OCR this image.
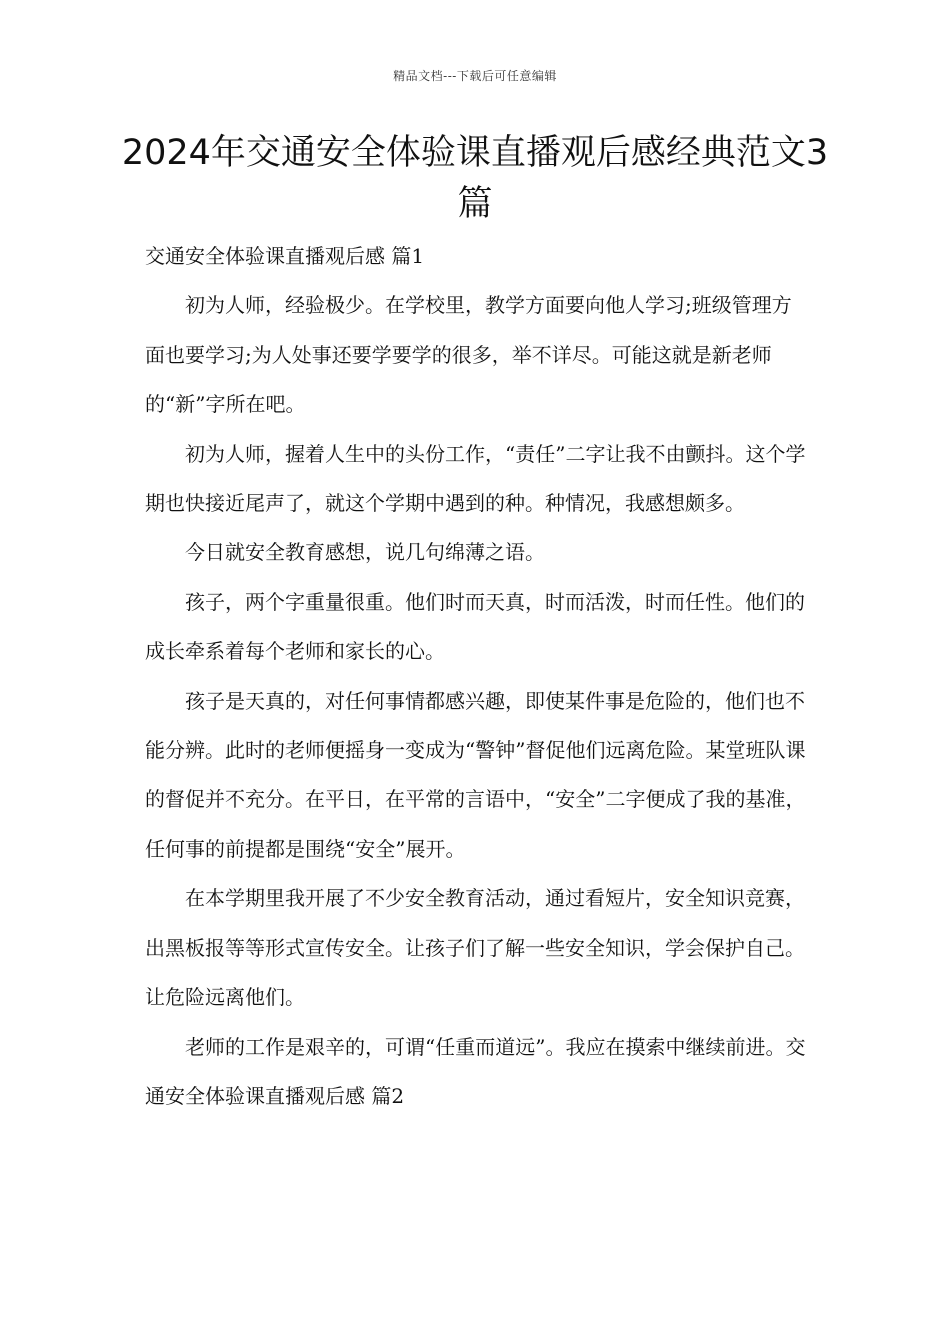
精品文档---下载后可任意编辑
2024年交通安全体验课直播观后感经典范文3篇

交通安全体验课直播观后感 篇1

初为人师，经验极少。在学校里，教学方面要向他人学习;班级管理方面也要学习;为人处事还要学要学的很多，举不详尽。可能这就是新老师的“新”字所在吧。

初为人师，握着人生中的头份工作，“责任”二字让我不由颤抖。这个学期也快接近尾声了，就这个学期中遇到的种。种情况，我感想颇多。

今日就安全教育感想，说几句绵薄之语。

孩子，两个字重量很重。他们时而天真，时而活泼，时而任性。他们的成长牵系着每个老师和家长的心。

孩子是天真的，对任何事情都感兴趣，即使某件事是危险的，他们也不能分辨。此时的老师便摇身一变成为“警钟”督促他们远离危险。某堂班队课的督促并不充分。在平日，在平常的言语中，“安全”二字便成了我的基准，任何事的前提都是围绕“安全”展开。

在本学期里我开展了不少安全教育活动，通过看短片，安全知识竞赛，出黑板报等等形式宣传安全。让孩子们了解一些安全知识，学会保护自己。让危险远离他们。

老师的工作是艰辛的，可谓“任重而道远”。我应在摸索中继续前进。交通安全体验课直播观后感 篇2
